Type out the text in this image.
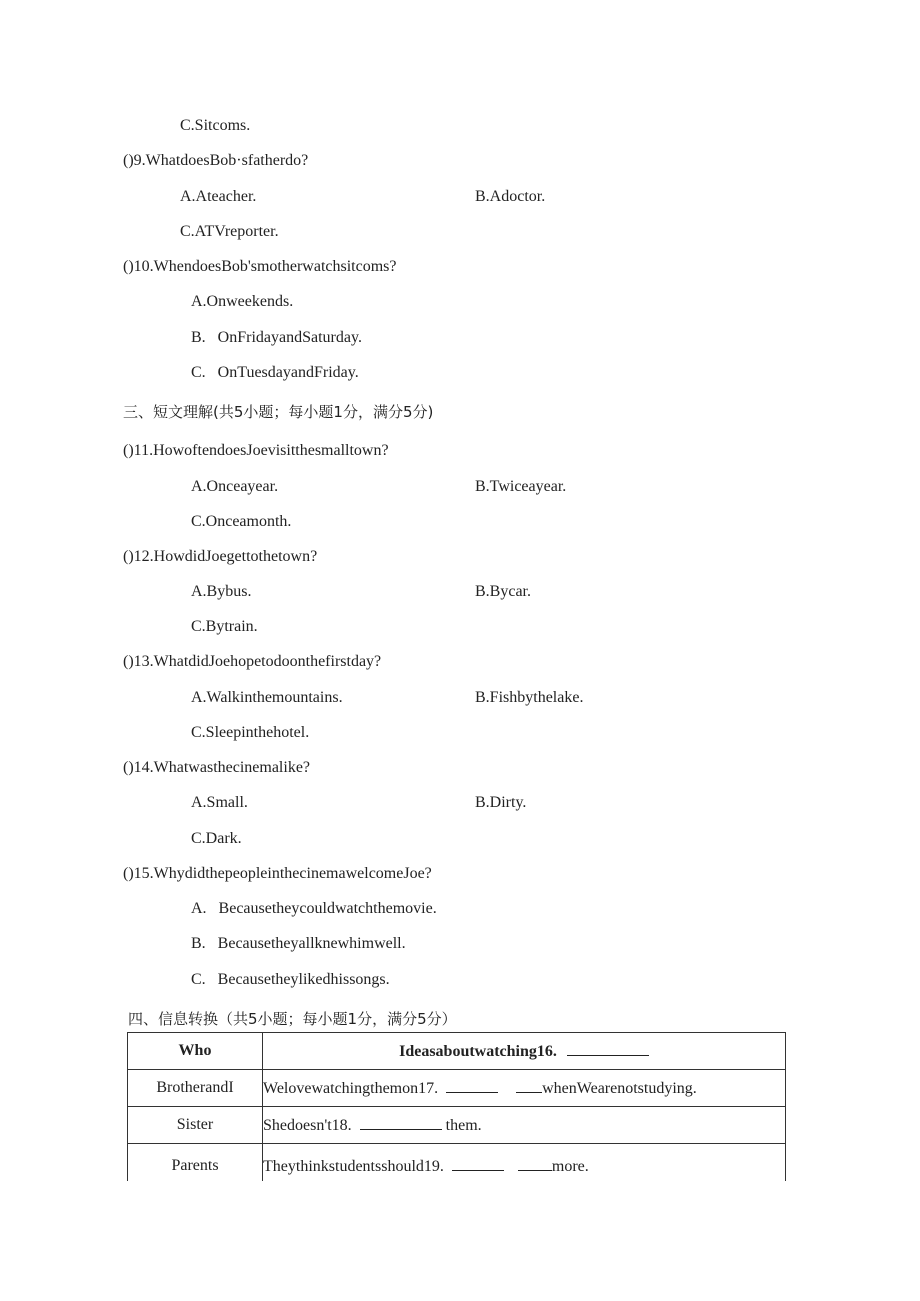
C.Sitcoms.
()9.WhatdoesBob·sfatherdo?
A.Ateacher.	B.Adoctor.
C.ATVreporter.
()10.WhendoesBob'smotherwatchsitcoms?
A.Onweekends.
B.   OnFridayandSaturday.
C.   OnTuesdayandFriday.
三、短文理解(共5小题；每小题1分，满分5分)
()11.HowoftendoesJoevisitthesmalltown?
A.Onceayear.	B.Twiceayear.
C.Onceamonth.
()12.HowdidJoegettothetown?
A.Bybus.	B.Bycar.
C.Bytrain.
()13.WhatdidJoehopetodoonthefirstday?
A.Walkinthemountains.	B.Fishbythelake.
C.Sleepinthehotel.
()14.Whatwasthecinemalike?
A.Small.	B.Dirty.
C.Dark.
()15.WhydidthepeopleinthecinemawelcomeJoe?
A.   Becausetheycouldwatchthemovie.
B.   Becausetheyallknewhimwell.
C.   Becausetheylikedhissongs.
四、信息转换（共5小题；每小题1分，满分5分）
Who	Ideasaboutwatching16.
BrotherandI	Welovewatchingthemon17. whenWearenotstudying.
Sister	Shedoesn't18. them.
Parents	Theythinkstudentsshould19. more.
